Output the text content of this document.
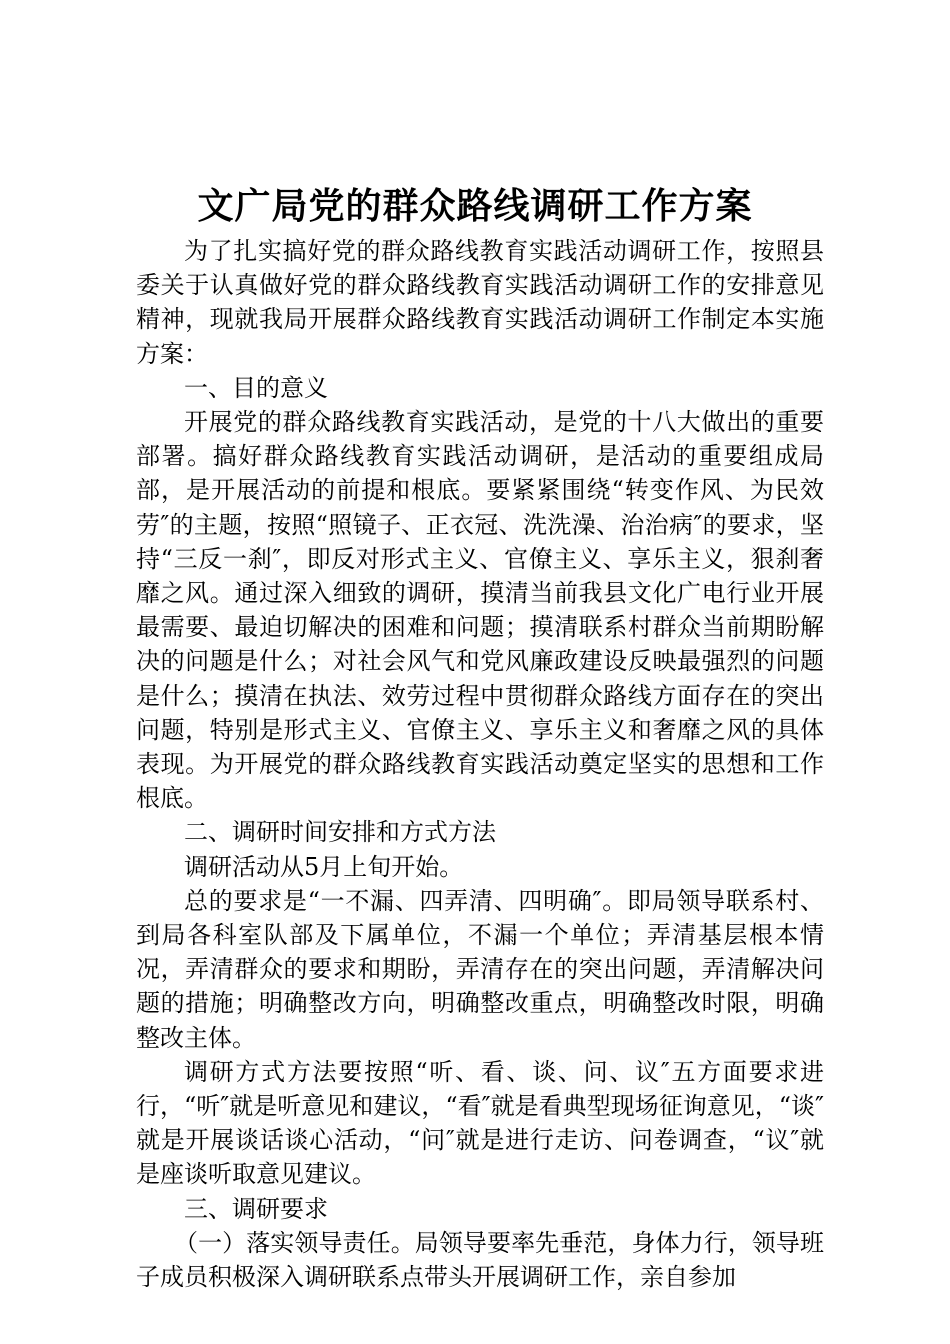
文广局党的群众路线调研工作方案

为了扎实搞好党的群众路线教育实践活动调研工作，按照县委关于认真做好党的群众路线教育实践活动调研工作的安排意见精神，现就我局开展群众路线教育实践活动调研工作制定本实施方案：

一、目的意义

开展党的群众路线教育实践活动，是党的十八大做出的重要部署。搞好群众路线教育实践活动调研，是活动的重要组成局部，是开展活动的前提和根底。要紧紧围绕“转变作风、为民效劳″的主题，按照“照镜子、正衣冠、洗洗澡、治治病″的要求，坚持“三反一刹″，即反对形式主义、官僚主义、享乐主义，狠刹奢靡之风。通过深入细致的调研，摸清当前我县文化广电行业开展最需要、最迫切解决的困难和问题；摸清联系村群众当前期盼解决的问题是什么；对社会风气和党风廉政建设反映最强烈的问题是什么；摸清在执法、效劳过程中贯彻群众路线方面存在的突出问题，特别是形式主义、官僚主义、享乐主义和奢靡之风的具体表现。为开展党的群众路线教育实践活动奠定坚实的思想和工作根底。

二、调研时间安排和方式方法

调研活动从5月上旬开始。

总的要求是“一不漏、四弄清、四明确″。即局领导联系村、到局各科室队部及下属单位，不漏一个单位；弄清基层根本情况，弄清群众的要求和期盼，弄清存在的突出问题，弄清解决问题的措施；明确整改方向，明确整改重点，明确整改时限，明确整改主体。

调研方式方法要按照“听、看、谈、问、议″五方面要求进行，“听″就是听意见和建议，“看″就是看典型现场征询意见，“谈″就是开展谈话谈心活动，“问″就是进行走访、问卷调查，“议″就是座谈听取意见建议。

三、调研要求

（一）落实领导责任。局领导要率先垂范，身体力行，领导班子成员积极深入调研联系点带头开展调研工作，亲自参加
